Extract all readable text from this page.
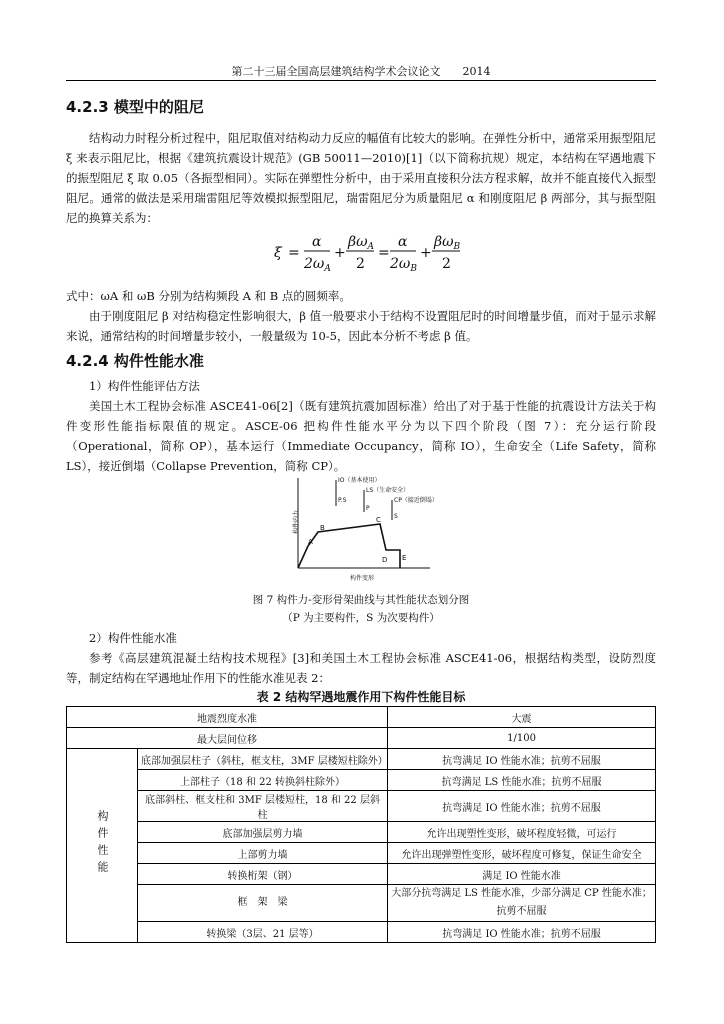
第二十三届全国高层建筑结构学术会议论文　　2014
4.2.3 模型中的阻尼

结构动力时程分析过程中，阻尼取值对结构动力反应的幅值有比较大的影响。在弹性分析中，通常采用振型阻尼 ξ 来表示阻尼比，根据《建筑抗震设计规范》(GB 50011—2010)[1]（以下简称抗规）规定，本结构在罕遇地震下的振型阻尼 ξ 取 0.05（各振型相同）。实际在弹塑性分析中，由于采用直接积分法方程求解，故并不能直接代入振型阻尼。通常的做法是采用瑞雷阻尼等效模拟振型阻尼，瑞雷阻尼分为质量阻尼 α 和刚度阻尼 β 两部分，其与振型阻尼的换算关系为：

ξ =
α
$2\omega_A$
+
$\beta\omega_A$
2
=
α
$2\omega_B$
+
$\beta\omega_B$
2

式中：ωA 和 ωB 分别为结构频段 A 和 B 点的圆频率。

由于刚度阻尼 β 对结构稳定性影响很大，β 值一般要求小于结构不设置阻尼时的时间增量步值，而对于显示求解来说，通常结构的时间增量步较小，一般量级为 10-5，因此本分析不考虑 β 值。

4.2.4 构件性能水准
1）构件性能评估方法

美国土木工程协会标准 ASCE41-06[2]（既有建筑抗震加固标准）给出了对于基于性能的抗震设计方法关于构件变形性能指标限值的规定。ASCE-06 把构件性能水平分为以下四个阶段（图 7）：充分运行阶段（Operational，简称 OP），基本运行（Immediate Occupancy，简称 IO），生命安全（Life Safety，简称 LS），接近倒塌（Collapse Prevention，简称 CP）。

构件内力
构件变形
IO（基本使用）
LS（生命安全）
CP（接近倒塌）
P.S
P
S
A
B
C
D E
图 7 构件力-变形骨架曲线与其性能状态划分图
（P 为主要构件，S 为次要构件）
2）构件性能水准

参考《高层建筑混凝土结构技术规程》[3]和美国土木工程协会标准 ASCE41-06，根据结构类型，设防烈度等，制定结构在罕遇地址作用下的性能水准见表 2：

表 2 结构罕遇地震作用下构件性能目标
地震烈度水准		大震
最大层间位移		1/100
构件性能	底部加强层柱子（斜柱，框支柱，3MF 层楼短柱除外）	抗弯满足 IO 性能水准；抗剪不屈服
	上部柱子（18 和 22 转换斜柱除外）	抗弯满足 LS 性能水准；抗剪不屈服
	底部斜柱、框支柱和 3MF 层楼短柱，18 和 22 层斜柱	抗弯满足 IO 性能水准；抗剪不屈服
	底部加强层剪力墙	允许出现塑性变形，破坏程度轻微，可运行
	上部剪力墙	允许出现弹塑性变形，破坏程度可修复，保证生命安全
	转换桁架（钢）	满足 IO 性能水准
	框　架　梁	大部分抗弯满足 LS 性能水准，少部分满足 CP 性能水准；抗剪不屈服
	转换梁（3层、21 层等）	抗弯满足 IO 性能水准；抗剪不屈服
